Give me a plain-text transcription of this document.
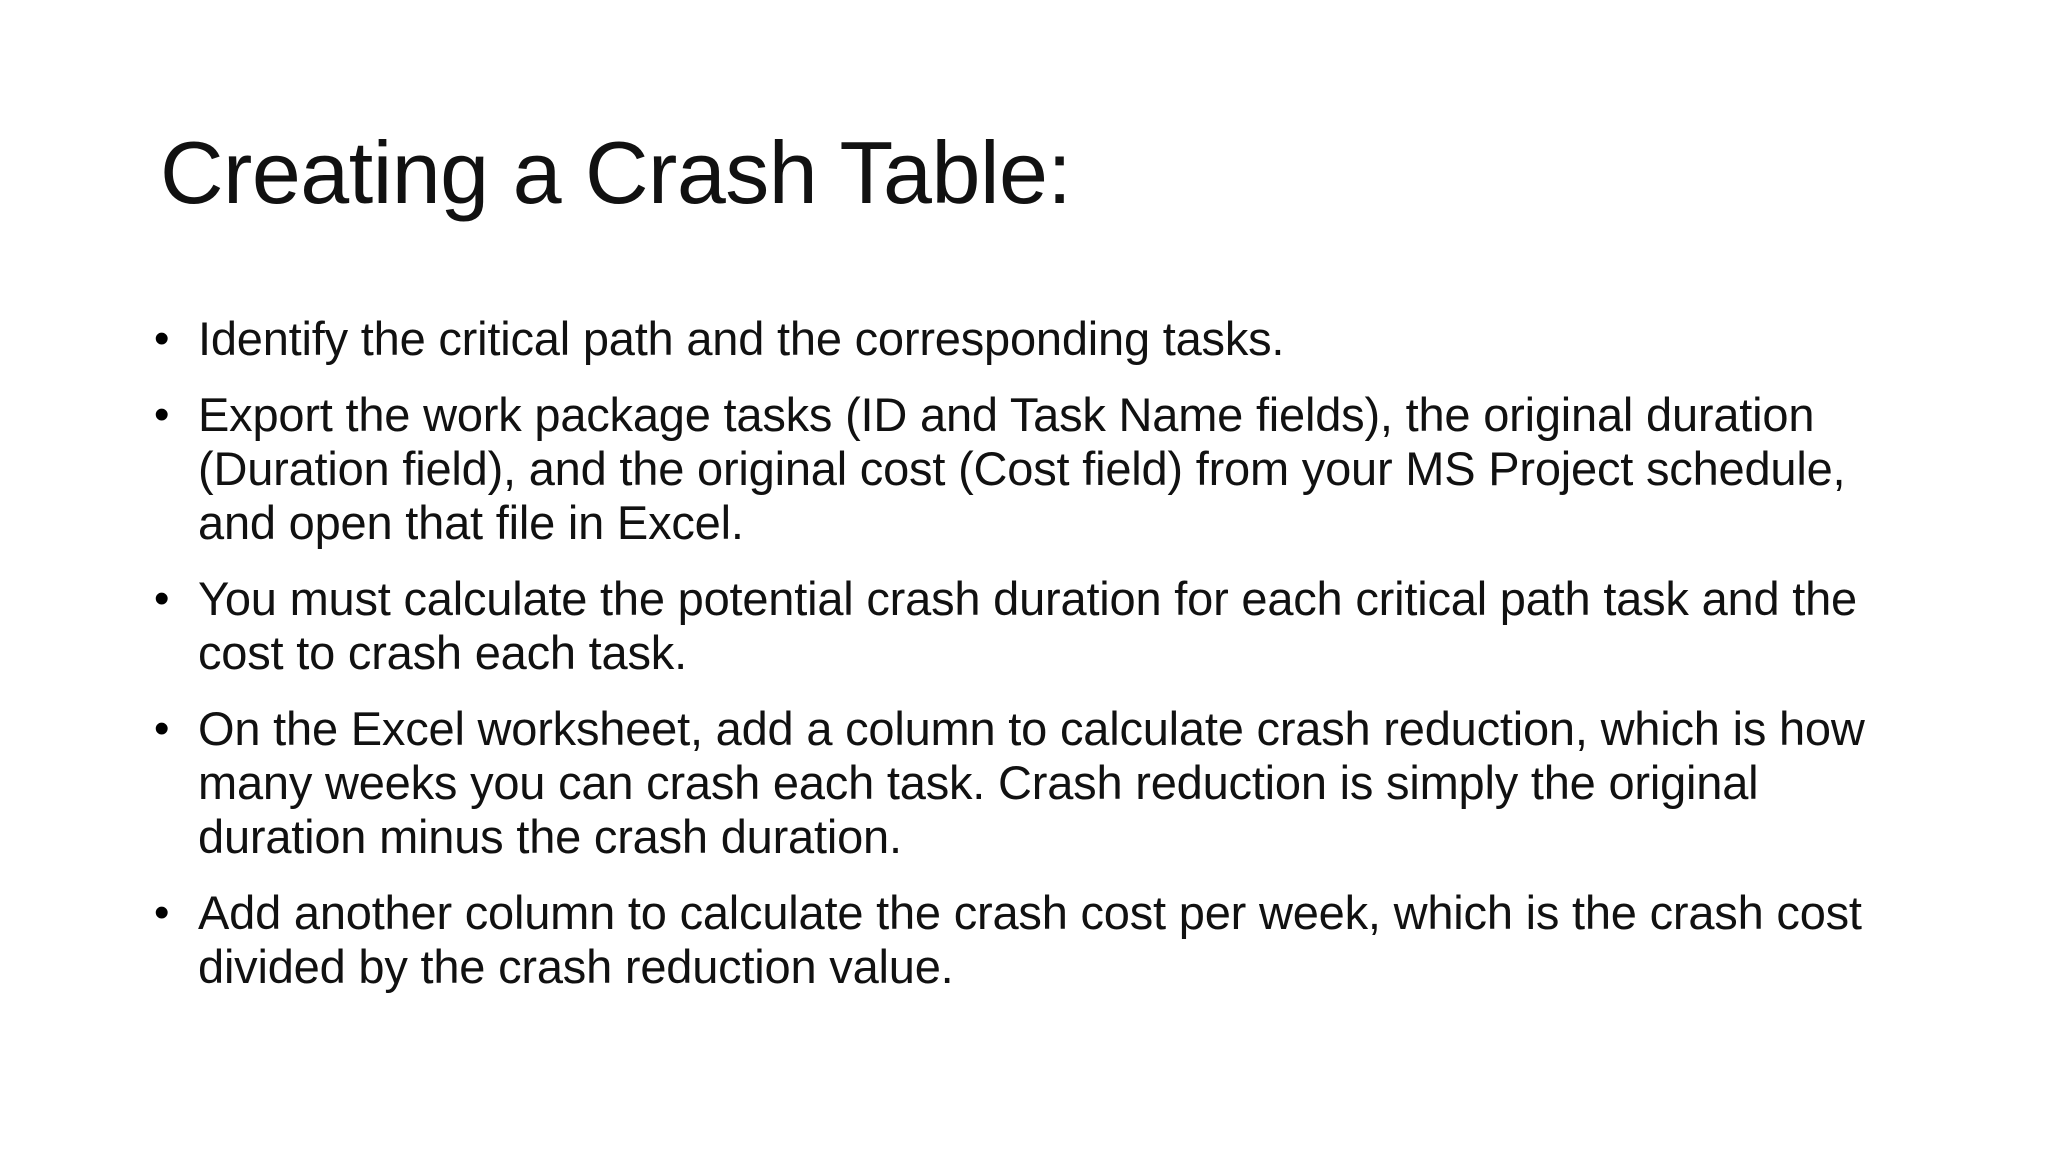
Creating a Crash Table:
• Identify the critical path and the corresponding tasks.
• Export the work package tasks (ID and Task Name fields), the original duration (Duration field), and the original cost (Cost field) from your MS Project schedule, and open that file in Excel.
• You must calculate the potential crash duration for each critical path task and the cost to crash each task.
• On the Excel worksheet, add a column to calculate crash reduction, which is how many weeks you can crash each task. Crash reduction is simply the original duration minus the crash duration.
• Add another column to calculate the crash cost per week, which is the crash cost divided by the crash reduction value.
